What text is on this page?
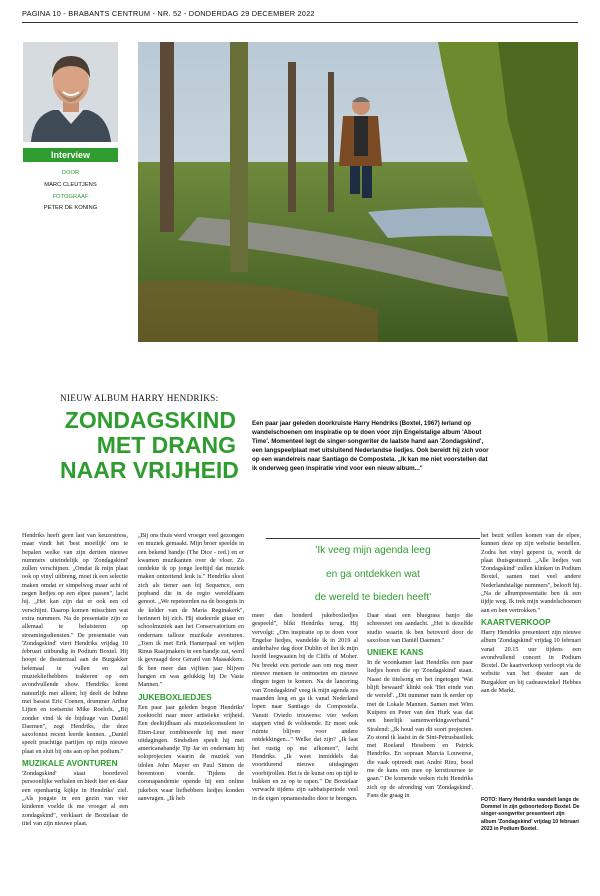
PAGINA 10 - BRABANTS CENTRUM - NR. 52 - DONDERDAG 29 DECEMBER 2022
Interview
DOOR
MARC CLEUTJENS
FOTOGRAAF
PETER DE KONING
NIEUW ALBUM HARRY HENDRIKS:
ZONDAGSKIND
MET DRANG
NAAR VRIJHEID

Een paar jaar geleden doorkruiste Harry Hendriks (Boxtel, 1967) Ierland op wandelschoenen om inspiratie op te doen voor zijn Engelstalige album 'About Time'. Momenteel legt de singer-songwriter de laatste hand aan 'Zondagskind', een langspeelplaat met uitsluitend Nederlandse liedjes. Ook bereidt hij zich voor op een wandelreis naar Santiago de Compostela. „Ik kan me niet voorstellen dat ik onderweg geen inspiratie vind voor een nieuw album..."

Hendriks heeft geen last van keuzestress, maar vindt het 'best moeilijk' om te bepalen welke van zijn dertien nieuwe nummers uiteindelijk op 'Zondagskind' zullen verschijnen. „Omdat ik mijn plaat ook op vinyl uitbreng, moet ik een selectie maken omdat er simpelweg maar acht of negen liedjes op een elpee passen", lacht hij. „Het kan zijn dat er ook een cd verschijnt. Daarop komen misschien wat extra nummers. Na de presentatie zijn ze allemaal te beluisteren op streamingsdiensten." De presentatie van 'Zondagskind' viert Hendriks vrijdag 10 februari uitbundig in Podium Boxtel. Hij hoopt de theaterzaal aan de Burgakker helemaal te vullen en zal muziekliefhebbers trakteren op een avondvullende show. Hendriks komt natuurlijk met alleen; hij deelt de bühne met bassist Eric Coenen, drummer Arthur Lijten en toetsenist Mike Roelofs. „Bij zonder vind ik de bijdrage van Daniël Daemen", zegt Hendriks, die deze saxofonist recent leerde kennen. „Daniël speelt prachtige partijen op mijn nieuwe plaat en sluit bij ons aan op het podium."

MUZIKALE AVONTUREN

'Zondagskind' staat boordevol persoonlijke verhalen en biedt hier en daar een openhartig kijkje in Hendriks' ziel. „Als jongste in een gezin van vier kinderen voelde ik me vroeger al een zondagskind", verklaart de Boxtelaar de titel van zijn nieuwe plaat.

„Bij ons thuis werd vroeger veel gezongen en muziek gemaakt. Mijn broer speelde in een bekend bandje (The Dice - red.) en er kwamen muzikanten over de vloer. Zo ontdekte ik op jonge leeftijd dat muziek maken ontzettend leuk is." Hendriks sloot zich als tiener aan bij Sequence, een popband die in de regio wereldfaam genoot. „We repeteerden na de hoogmis in de kelder van de Maria Reginakerk", herinnert hij zich. Hij studeerde gitaar en schoolmuziek aan het Conservatorium en ondernam talloze muzikale avonturen. „Toen ik met Erik Hamerpaal en wijlen Rinus Raaijmakers in een bandje zat, werd ik gevraagd door Gerard van Maasakkers. Ik ben meer dan vijftien jaar blijven hangen en was gelukkig bij De Vaste Mannen."

JUKEBOXLIEDJES

Een paar jaar geleden begon Hendriks' zoektocht naar meer artistieke vrijheid. Een deeltijdbaan als muziekconsulent in Etten-Leur combineerde hij met meer uitdagingen. Sindsdien speelt hij met americanabandje Tip Jar en ondernam hij soloprojecten waarin de muziek van idolen John Mayer en Paul Simon de boventoon voerde. Tijdens de coronapandemie opende hij een online jukebox waar liefhebbers liedjes konden aanvragen. „Ik heb

'Ik veeg mijn agenda leeg
en ga ontdekken wat
de wereld te bieden heeft'

meer dan honderd jukeboxliedjes gespeeld", blikt Hendriks terug. Hij vervolgt: „Om inspiratie op te doen voor Engelse liedjes, wandelde ik in 2019 al anderhalve dag door Dublin of liet ik mijn hoofd leegwaaien bij de Cliffs of Moher. Nu breekt een periode aan om nog meer nieuwe mensen te ontmoeten en nieuwe dingen tegen te komen. Na de lancering van 'Zondagskind' veeg ik mijn agenda zes maanden leeg en ga ik vanaf Nederland lopen naar Santiago de Compostela. Vanuit Oviedo trouwens: vier weken stappen vind ik voldoende. Er moet ook ruimte blijven voor andere ontdekkingen..." Welke dat zijn? „Ik laat het rustig op me afkomen", lacht Hendriks. „Ik weet inmiddels dat voortdurend nieuwe uitdagingen voorbijrollen. Het is de kunst om op tijd te bukken en ze op te rapen." De Boxtelaar verwacht tijdens zijn sabbatsperiode veel in de eigen opnamestudio door te brengen.

Daar staat een bluegrass banjo die schreeuwt om aandacht. „Het is dezelfde studio waarin ik ben betoverd door de saxofoon van Daniël Daemen."

UNIEKE KANS

In de woonkamer laat Hendriks een paar liedjes horen die op 'Zondagskind' staan. Naast de titelsong en het ingetogen 'Wat blijft bewaard' klinkt ook 'Het einde van de wereld'. „Dit nummer nam ik eerder op met de Lokale Mannen. Samen met Wim Kuipers en Peter van den Hurk was dat een heerlijk samenwerkingsverband." Stralend: „Ik houd van dit soort projecten. Zo stond ik laatst in de Sint-Petrusbasiliek met Roeland Hessbeen en Patrick Hendriks. En sopraan Marcia Louwerse, die vaak optreedt met André Rieu, bood me de kans om mee op kersttournee te gaan." De komende weken richt Hendriks zich op de afronding van 'Zondagskind'. Fans die graag in

het bezit willen komen van de elpee, kunnen deze op zijn website bestellen. Zodra het vinyl geperst is, wordt de plaat thuisgestuurd. „Alle liedjes van 'Zondagskind' zullen klinken in Podium Boxtel, samen met veel andere Nederlandstalige nummers", belooft hij. „Na de albumpresentatie ben ik een tijdje weg. Ik trek mijn wandelschoenen aan en ben vertrokken."

KAARTVERKOOP

Harry Hendriks presenteert zijn nieuwe album 'Zondagskind' vrijdag 10 februari vanaf 20.15 uur tijdens een avondvullend concert in Podium Boxtel. De kaartverkoop verloopt via de website van het theater aan de Burgakker en bij cadeauwinkel Hebbes aan de Markt.

FOTO: Harry Hendriks wandelt langs de Dommel in zijn geboortedorp Boxtel. De singer-songwriter presenteert zijn album 'Zondagskind' vrijdag 10 februari 2023 in Podium Boxtel.
